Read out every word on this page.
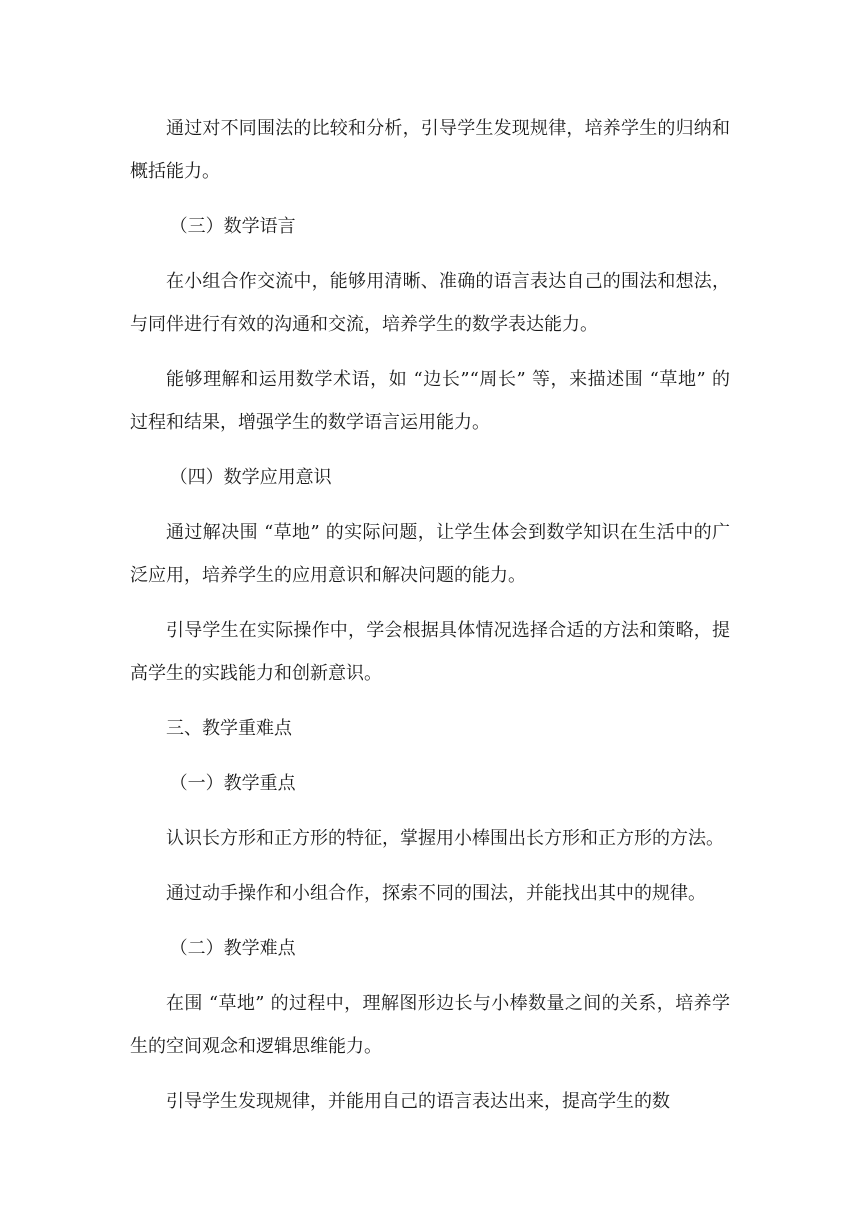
通过对不同围法的比较和分析，引导学生发现规律，培养学生的归纳和概括能力。

（三）数学语言

在小组合作交流中，能够用清晰、准确的语言表达自己的围法和想法，与同伴进行有效的沟通和交流，培养学生的数学表达能力。

能够理解和运用数学术语，如 “边长”“周长” 等，来描述围 “草地” 的过程和结果，增强学生的数学语言运用能力。

（四）数学应用意识

通过解决围 “草地” 的实际问题，让学生体会到数学知识在生活中的广泛应用，培养学生的应用意识和解决问题的能力。

引导学生在实际操作中，学会根据具体情况选择合适的方法和策略，提高学生的实践能力和创新意识。

三、教学重难点

（一）教学重点

认识长方形和正方形的特征，掌握用小棒围出长方形和正方形的方法。

通过动手操作和小组合作，探索不同的围法，并能找出其中的规律。

（二）教学难点

在围 “草地” 的过程中，理解图形边长与小棒数量之间的关系，培养学生的空间观念和逻辑思维能力。

引导学生发现规律，并能用自己的语言表达出来，提高学生的数
